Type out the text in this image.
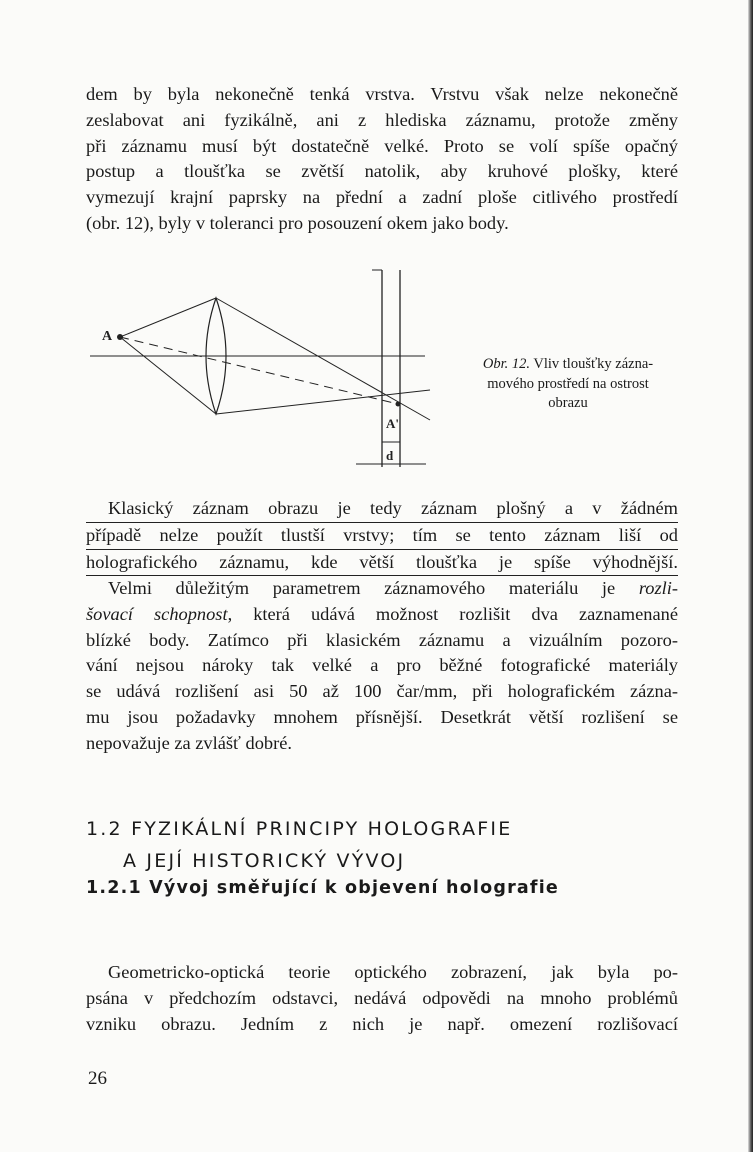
dem by byla nekonečně tenká vrstva. Vrstvu však nelze nekonečně
zeslabovat ani fyzikálně, ani z hlediska záznamu, protože změny
při záznamu musí být dostatečně velké. Proto se volí spíše opačný
postup a tloušťka se zvětší natolik, aby kruhové plošky, které
vymezují krajní paprsky na přední a zadní ploše citlivého prostředí
(obr. 12), byly v toleranci pro posouzení okem jako body.

A
A'
d

Obr. 12. Vliv tloušťky zázna-
mového prostředí na ostrost
obrazu

Klasický záznam obrazu je tedy záznam plošný a v žádném
případě nelze použít tlustší vrstvy; tím se tento záznam liší od
holografického záznamu, kde větší tloušťka je spíše výhodnější.

Velmi důležitým parametrem záznamového materiálu je rozli-
šovací schopnost, která udává možnost rozlišit dva zaznamenané
blízké body. Zatímco při klasickém záznamu a vizuálním pozoro-
vání nejsou nároky tak velké a pro běžné fotografické materiály
se udává rozlišení asi 50 až 100 čar/mm, při holografickém zázna-
mu jsou požadavky mnohem přísnější. Desetkrát větší rozlišení se
nepovažuje za zvlášť dobré.

1.2 FYZIKÁLNÍ PRINCIPY HOLOGRAFIE
A JEJÍ HISTORICKÝ VÝVOJ
1.2.1 Vývoj směřující k objevení holografie

Geometricko-optická teorie optického zobrazení, jak byla po-
psána v předchozím odstavci, nedává odpovědi na mnoho problémů
vzniku obrazu. Jedním z nich je např. omezení rozlišovací

26
